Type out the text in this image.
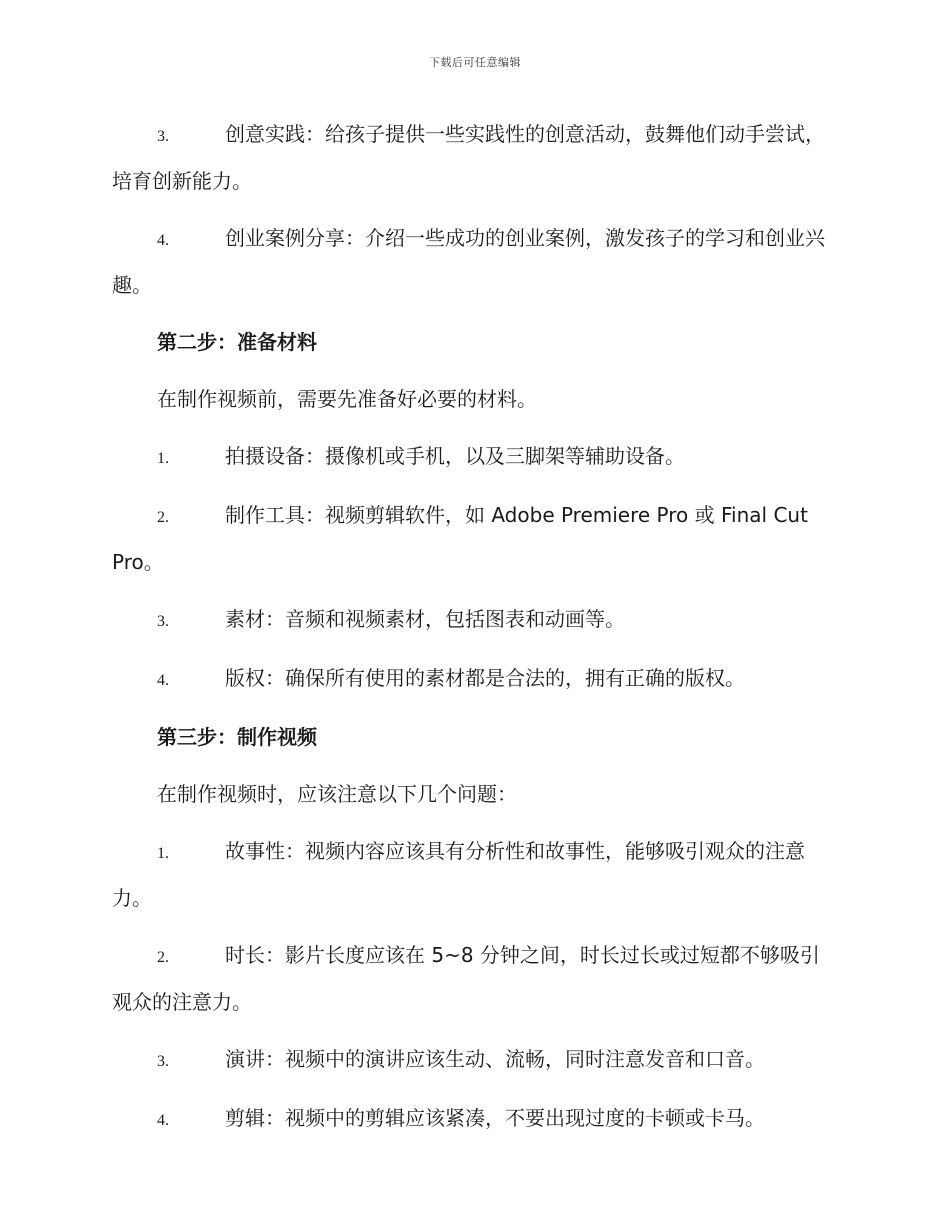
下载后可任意编辑

3.	创意实践：给孩子提供一些实践性的创意活动，鼓舞他们动手尝试，培育创新能力。

4.	创业案例分享：介绍一些成功的创业案例，激发孩子的学习和创业兴趣。

第二步：准备材料

在制作视频前，需要先准备好必要的材料。

1.	拍摄设备：摄像机或手机，以及三脚架等辅助设备。

2.	制作工具：视频剪辑软件，如 Adobe Premiere Pro 或 Final Cut Pro。

3.	素材：音频和视频素材，包括图表和动画等。

4.	版权：确保所有使用的素材都是合法的，拥有正确的版权。

第三步：制作视频

在制作视频时，应该注意以下几个问题：

1.	故事性：视频内容应该具有分析性和故事性，能够吸引观众的注意力。

2.	时长：影片长度应该在 5~8 分钟之间，时长过长或过短都不够吸引观众的注意力。

3.	演讲：视频中的演讲应该生动、流畅，同时注意发音和口音。

4.	剪辑：视频中的剪辑应该紧凑，不要出现过度的卡顿或卡马。
